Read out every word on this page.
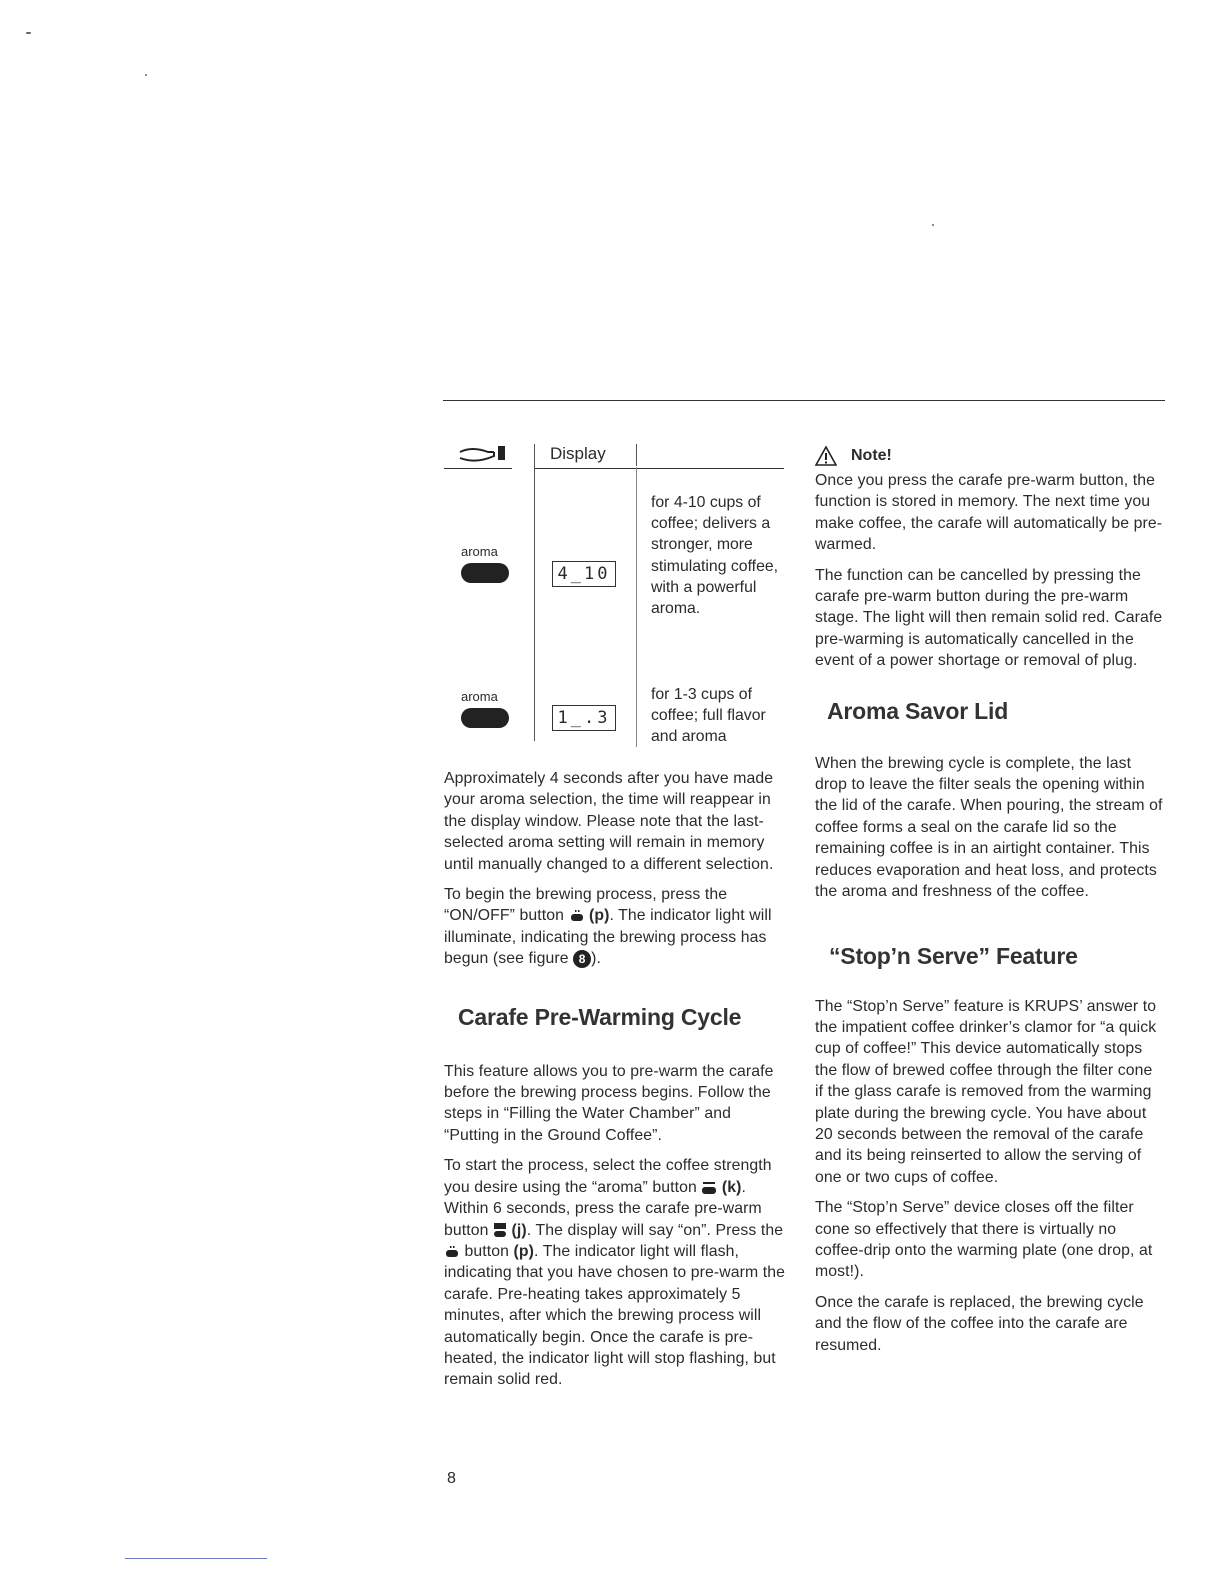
Display
aroma
4_10
for 4-10 cups of coffee; delivers a stronger, more stimulating coffee, with a powerful aroma.
aroma
1_.3
for 1-3 cups of coffee; full flavor and aroma

Approximately 4 seconds after you have made your aroma selection, the time will reappear in the display window. Please note that the last-selected aroma setting will remain in memory until manually changed to a different selection.

To begin the brewing process, press the “ON/OFF” button (p). The indicator light will illuminate, indicating the brewing process has begun (see figure 8 ).

Carafe Pre-Warming Cycle

This feature allows you to pre-warm the carafe before the brewing process begins. Follow the steps in “Filling the Water Chamber” and “Putting in the Ground Coffee”.

To start the process, select the coffee strength you desire using the “aroma” button (k). Within 6 seconds, press the carafe pre-warm button (j). The display will say “on”. Press the  button (p). The indicator light will flash, indicating that you have chosen to pre-warm the carafe. Pre-heating takes approximately 5 minutes, after which the brewing process will automatically begin. Once the carafe is pre-heated, the indicator light will stop flashing, but remain solid red.

Note!

Once you press the carafe pre-warm button, the function is stored in memory. The next time you make coffee, the carafe will automatically be pre-warmed.

The function can be cancelled by pressing the carafe pre-warm button during the pre-warm stage. The light will then remain solid red. Carafe pre-warming is automatically cancelled in the event of a power shortage or removal of plug.

Aroma Savor Lid

When the brewing cycle is complete, the last drop to leave the filter seals the opening within the lid of the carafe. When pouring, the stream of coffee forms a seal on the carafe lid so the remaining coffee is in an airtight container. This reduces evaporation and heat loss, and protects the aroma and freshness of the coffee.

“Stop’n Serve” Feature

The “Stop’n Serve” feature is KRUPS’ answer to the impatient coffee drinker’s clamor for “a quick cup of coffee!” This device automatically stops the flow of brewed coffee through the filter cone if the glass carafe is removed from the warming plate during the brewing cycle. You have about 20 seconds between the removal of the carafe and its being reinserted to allow the serving of one or two cups of coffee.

The “Stop’n Serve” device closes off the filter cone so effectively that there is virtually no coffee-drip onto the warming plate (one drop, at most!).

Once the carafe is replaced, the brewing cycle and the flow of the coffee into the carafe are resumed.

8
